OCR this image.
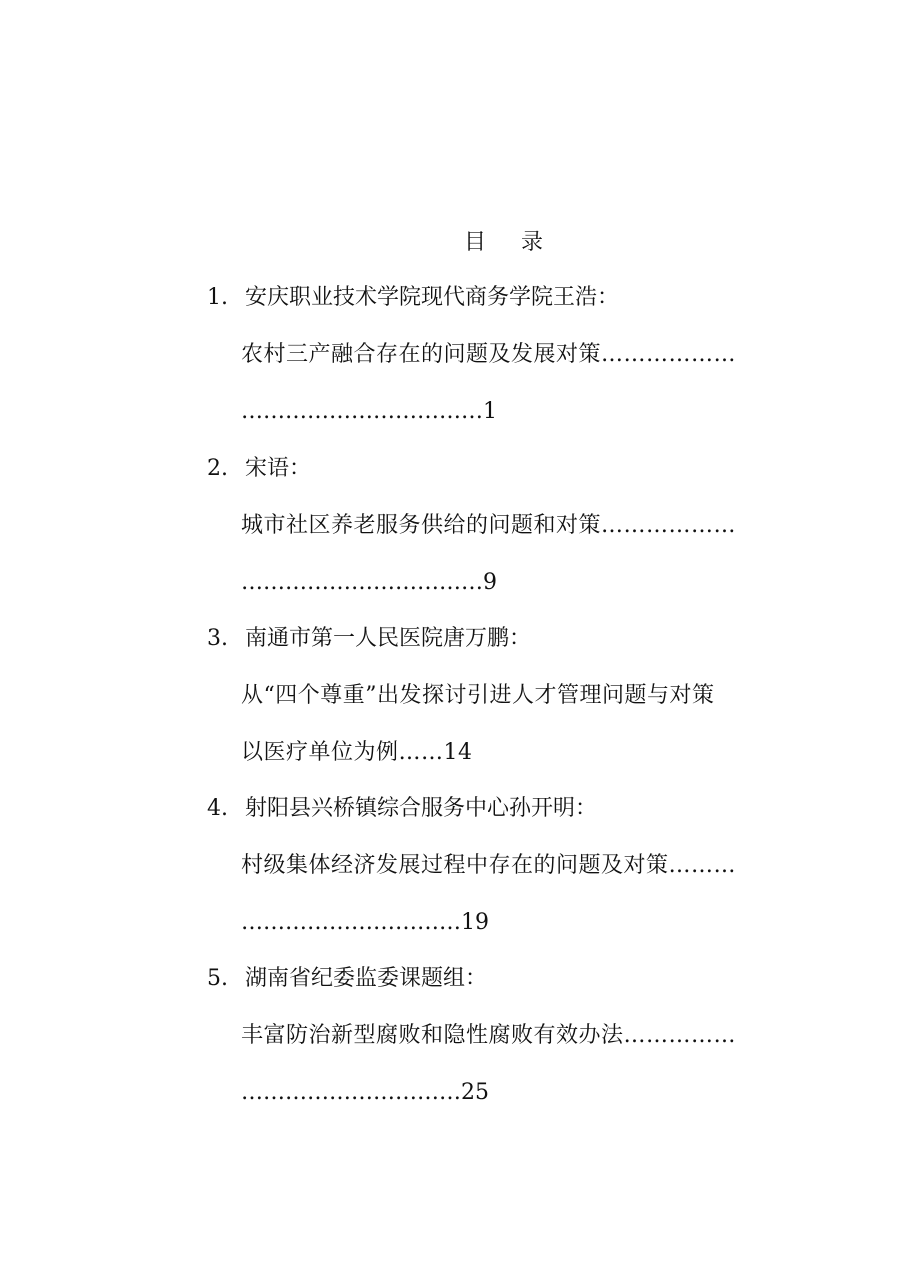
目 录
1. 安庆职业技术学院现代商务学院王浩：
农村三产融合存在的问题及发展对策………………
……………………………1
2. 宋语：
城市社区养老服务供给的问题和对策………………
……………………………9
3. 南通市第一人民医院唐万鹏：
从“四个尊重”出发探讨引进人才管理问题与对策
以医疗单位为例……14
4. 射阳县兴桥镇综合服务中心孙开明：
村级集体经济发展过程中存在的问题及对策………
…………………………19
5. 湖南省纪委监委课题组：
丰富防治新型腐败和隐性腐败有效办法……………
…………………………25
